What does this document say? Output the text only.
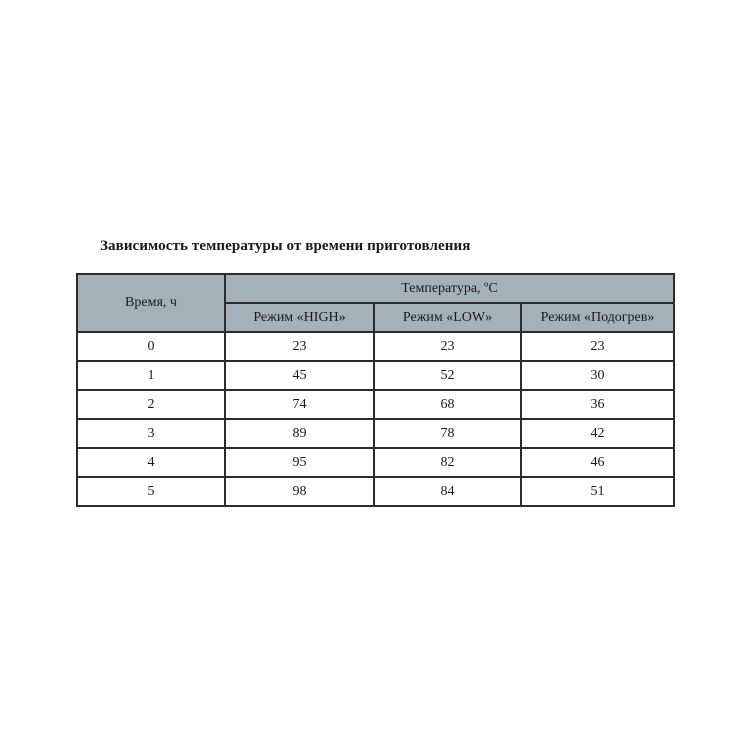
Зависимость температуры от времени приготовления
Время, ч	Температура, ºС		
	Режим «HIGH»	Режим «LOW»	Режим «Подогрев»
0	23	23	23
1	45	52	30
2	74	68	36
3	89	78	42
4	95	82	46
5	98	84	51
